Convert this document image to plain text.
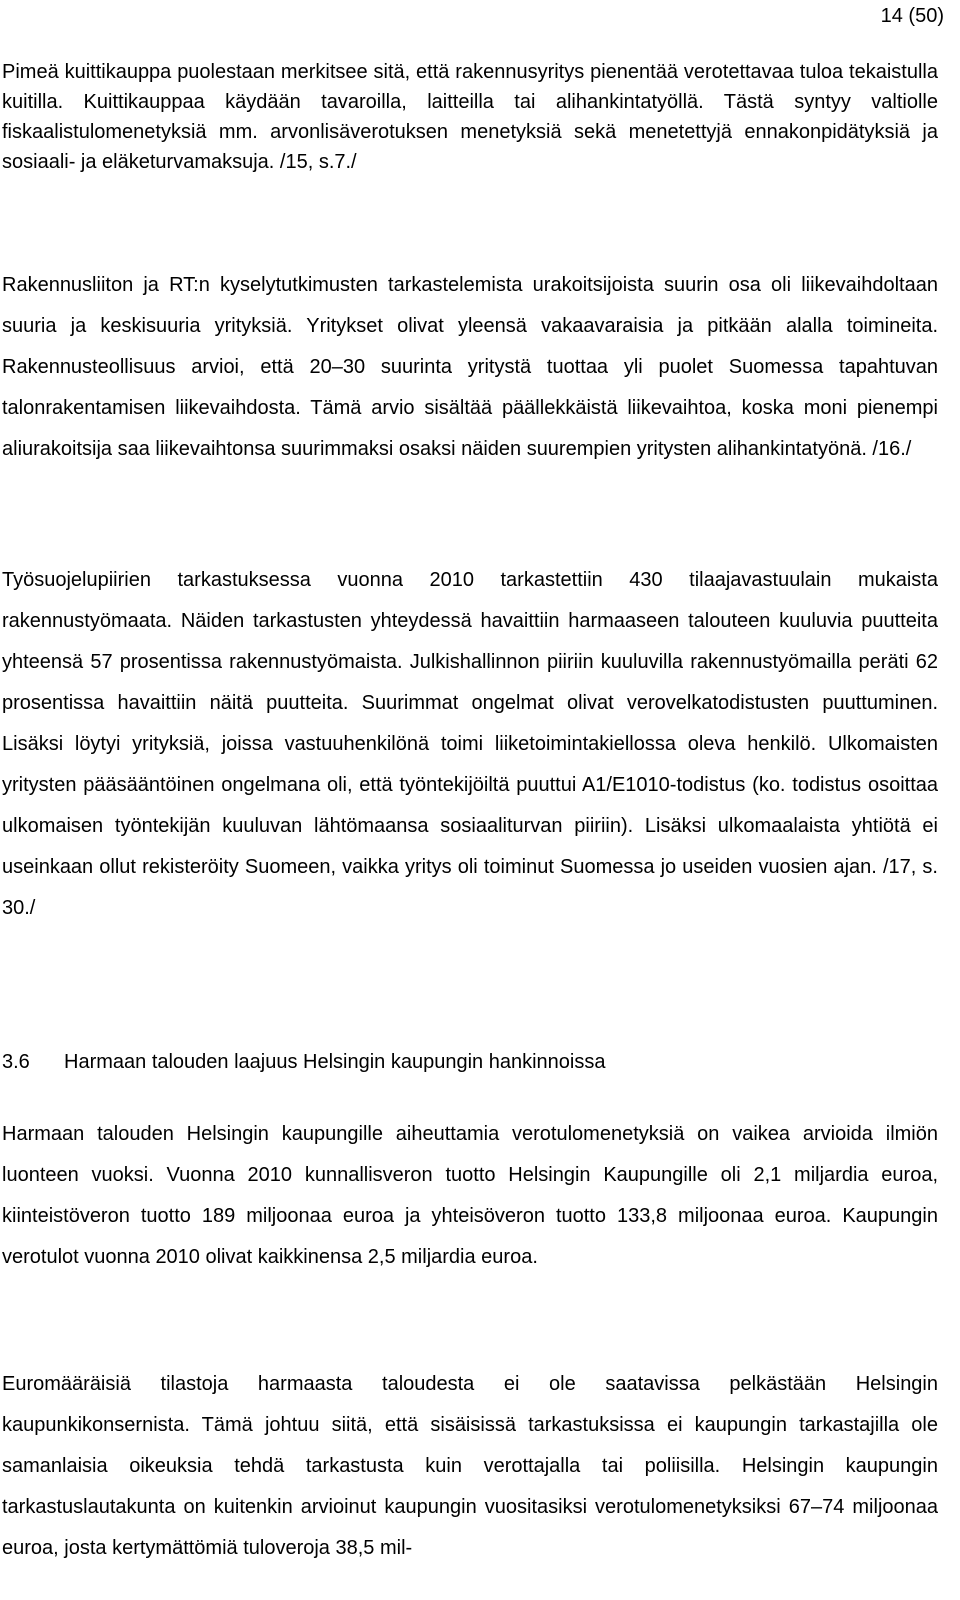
14 (50)

Pimeä kuittikauppa puolestaan merkitsee sitä, että rakennusyritys pienentää verotettavaa tuloa tekaistulla kuitilla. Kuittikauppaa käydään tavaroilla, laitteilla tai alihankintatyöllä. Tästä syntyy valtiolle fiskaalistulomenetyksiä mm. arvonlisäverotuksen menetyksiä sekä menetettyjä ennakonpidätyksiä ja sosiaali- ja eläketurvamaksuja. /15, s.7./

Rakennusliiton ja RT:n kyselytutkimusten tarkastelemista urakoitsijoista suurin osa oli liikevaihdoltaan suuria ja keskisuuria yrityksiä. Yritykset olivat yleensä vakaavaraisia ja pitkään alalla toimineita. Rakennusteollisuus arvioi, että 20–30 suurinta yritystä tuottaa yli puolet Suomessa tapahtuvan talonrakentamisen liikevaihdosta. Tämä arvio sisältää päällekkäistä liikevaihtoa, koska moni pienempi aliurakoitsija saa liikevaihtonsa suurimmaksi osaksi näiden suurempien yritysten alihankintatyönä. /16./

Työsuojelupiirien tarkastuksessa vuonna 2010 tarkastettiin 430 tilaajavastuulain mukaista rakennustyömaata. Näiden tarkastusten yhteydessä havaittiin harmaaseen talouteen kuuluvia puutteita yhteensä 57 prosentissa rakennustyömaista. Julkishallinnon piiriin kuuluvilla rakennustyömailla peräti 62 prosentissa havaittiin näitä puutteita. Suurimmat ongelmat olivat verovelkatodistusten puuttuminen. Lisäksi löytyi yrityksiä, joissa vastuuhenkilönä toimi liiketoimintakiellossa oleva henkilö. Ulkomaisten yritysten pääsääntöinen ongelmana oli, että työntekijöiltä puuttui A1/E1010-todistus (ko. todistus osoittaa ulkomaisen työntekijän kuuluvan lähtömaansa sosiaaliturvan piiriin). Lisäksi ulkomaalaista yhtiötä ei useinkaan ollut rekisteröity Suomeen, vaikka yritys oli toiminut Suomessa jo useiden vuosien ajan. /17, s. 30./

3.6 Harmaan talouden laajuus Helsingin kaupungin hankinnoissa

Harmaan talouden Helsingin kaupungille aiheuttamia verotulomenetyksiä on vaikea arvioida ilmiön luonteen vuoksi. Vuonna 2010 kunnallisveron tuotto Helsingin Kaupungille oli 2,1 miljardia euroa, kiinteistöveron tuotto 189 miljoonaa euroa ja yhteisöveron tuotto 133,8 miljoonaa euroa. Kaupungin verotulot vuonna 2010 olivat kaikkinensa 2,5 miljardia euroa.

Euromääräisiä tilastoja harmaasta taloudesta ei ole saatavissa pelkästään Helsingin kaupunkikonsernista. Tämä johtuu siitä, että sisäisissä tarkastuksissa ei kaupungin tarkastajilla ole samanlaisia oikeuksia tehdä tarkastusta kuin verottajalla tai poliisilla. Helsingin kaupungin tarkastuslautakunta on kuitenkin arvioinut kaupungin vuositasiksi verotulomenetyksiksi 67–74 miljoonaa euroa, josta kertymättömiä tuloveroja 38,5 mil-
